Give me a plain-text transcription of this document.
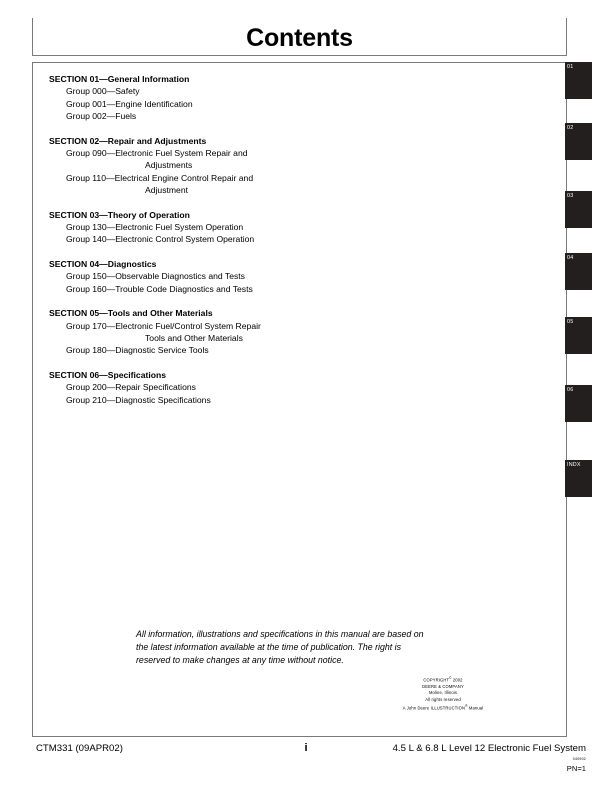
Contents
SECTION 01—General Information
Group 000—Safety
Group 001—Engine Identification
Group 002—Fuels
SECTION 02—Repair and Adjustments
Group 090—Electronic Fuel System Repair and
Adjustments
Group 110—Electrical Engine Control Repair and
Adjustment
SECTION 03—Theory of Operation
Group 130—Electronic Fuel System Operation
Group 140—Electronic Control System Operation
SECTION 04—Diagnostics
Group 150—Observable Diagnostics and Tests
Group 160—Trouble Code Diagnostics and Tests
SECTION 05—Tools and Other Materials
Group 170—Electronic Fuel/Control System Repair
Tools and Other Materials
Group 180—Diagnostic Service Tools
SECTION 06—Specifications
Group 200—Repair Specifications
Group 210—Diagnostic Specifications
All information, illustrations and specifications in this manual are based on
the latest information available at the time of publication. The right is
reserved to make changes at any time without notice.
COPYRIGHT© 2002
DEERE & COMPANY
Moline, Illinois
All rights reserved
A John Deere ILLUSTRUCTION® Manual
01
02
03
04
05
06
INDX
CTM331 (09APR02)	i	4.5 L & 6.8 L Level 12 Electronic Fuel System
040902
PN=1
